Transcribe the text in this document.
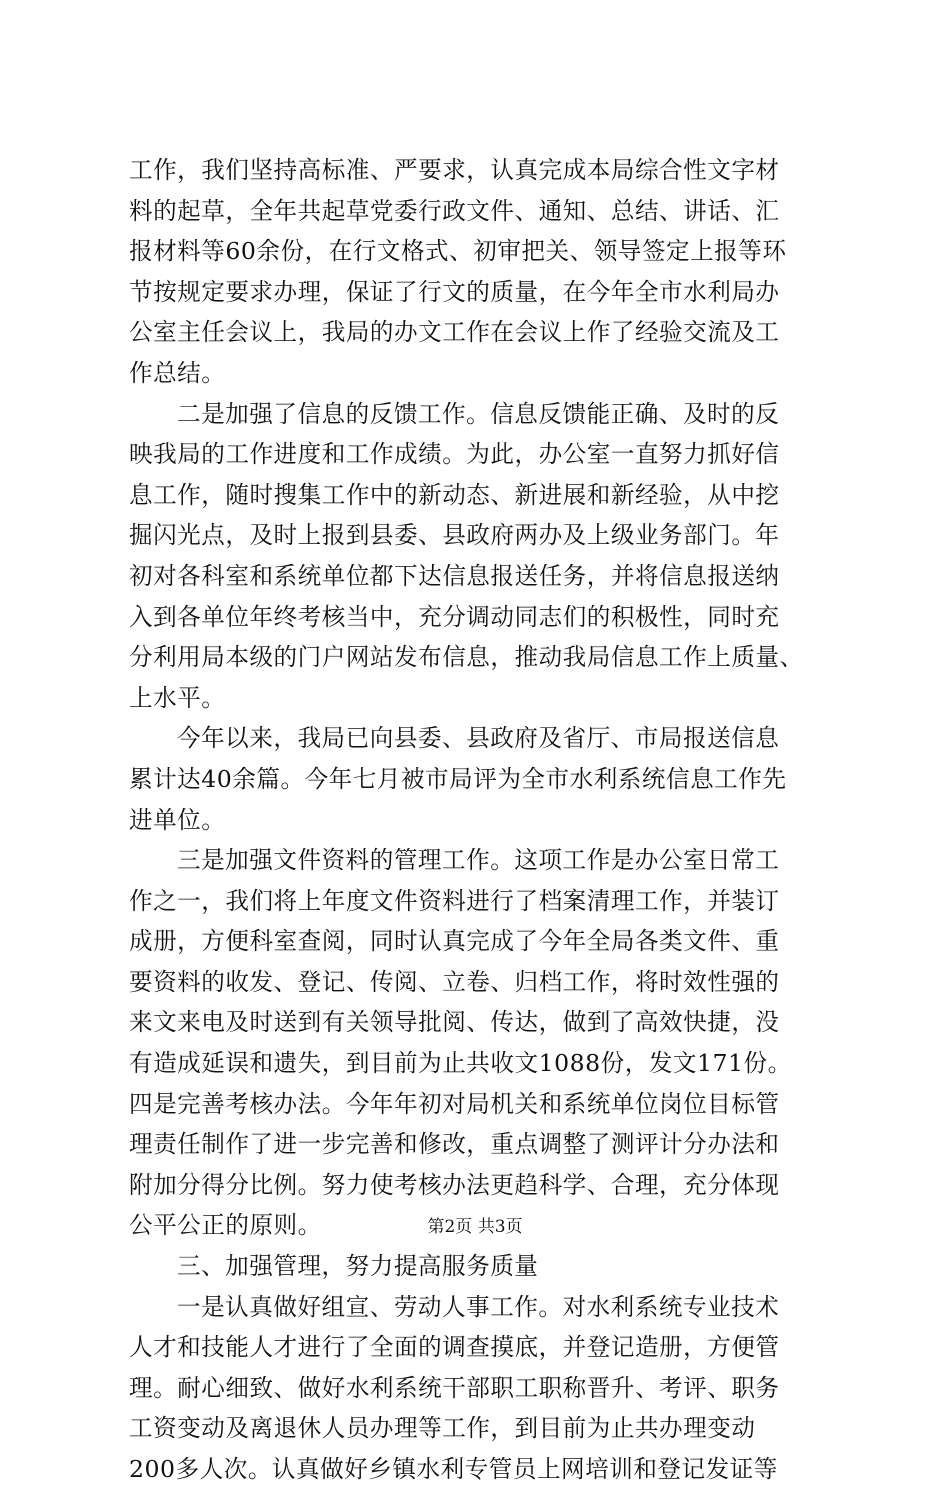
工作，我们坚持高标准、严要求，认真完成本局综合性文字材
料的起草，全年共起草党委行政文件、通知、总结、讲话、汇
报材料等60余份，在行文格式、初审把关、领导签定上报等环
节按规定要求办理，保证了行文的质量，在今年全市水利局办
公室主任会议上，我局的办文工作在会议上作了经验交流及工
作总结。
二是加强了信息的反馈工作。信息反馈能正确、及时的反
映我局的工作进度和工作成绩。为此，办公室一直努力抓好信
息工作，随时搜集工作中的新动态、新进展和新经验，从中挖
掘闪光点，及时上报到县委、县政府两办及上级业务部门。年
初对各科室和系统单位都下达信息报送任务，并将信息报送纳
入到各单位年终考核当中，充分调动同志们的积极性，同时充
分利用局本级的门户网站发布信息，推动我局信息工作上质量、
上水平。
今年以来，我局已向县委、县政府及省厅、市局报送信息
累计达40余篇。今年七月被市局评为全市水利系统信息工作先
进单位。
三是加强文件资料的管理工作。这项工作是办公室日常工
作之一，我们将上年度文件资料进行了档案清理工作，并装订
成册，方便科室查阅，同时认真完成了今年全局各类文件、重
要资料的收发、登记、传阅、立卷、归档工作，将时效性强的
来文来电及时送到有关领导批阅、传达，做到了高效快捷，没
有造成延误和遗失，到目前为止共收文1088份，发文171份。
四是完善考核办法。今年年初对局机关和系统单位岗位目标管
理责任制作了进一步完善和修改，重点调整了测评计分办法和
附加分得分比例。努力使考核办法更趋科学、合理，充分体现
公平公正的原则。
三、加强管理，努力提高服务质量
一是认真做好组宣、劳动人事工作。对水利系统专业技术
人才和技能人才进行了全面的调查摸底，并登记造册，方便管
理。耐心细致、做好水利系统干部职工职称晋升、考评、职务
工资变动及离退休人员办理等工作，到目前为止共办理变动
200多人次。认真做好乡镇水利专管员上网培训和登记发证等
第2页 共3页
